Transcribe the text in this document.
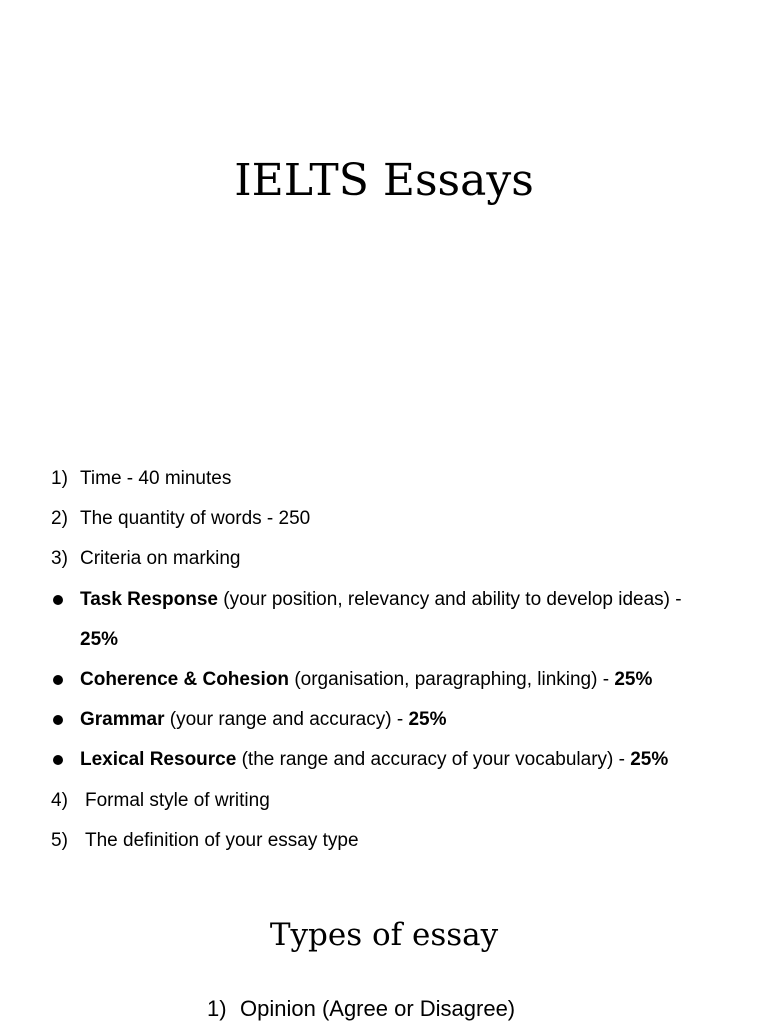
IELTS Essays
1) Time - 40 minutes
2) The quantity of words - 250
3) Criteria on marking
Task Response (your position, relevancy and ability to develop ideas) -
25%
Coherence & Cohesion (organisation, paragraphing, linking) - 25%
Grammar (your range and accuracy) - 25%
Lexical Resource (the range and accuracy of your vocabulary) - 25%
4) Formal style of writing
5) The definition of your essay type
Types of essay
1) Opinion (Agree or Disagree)
